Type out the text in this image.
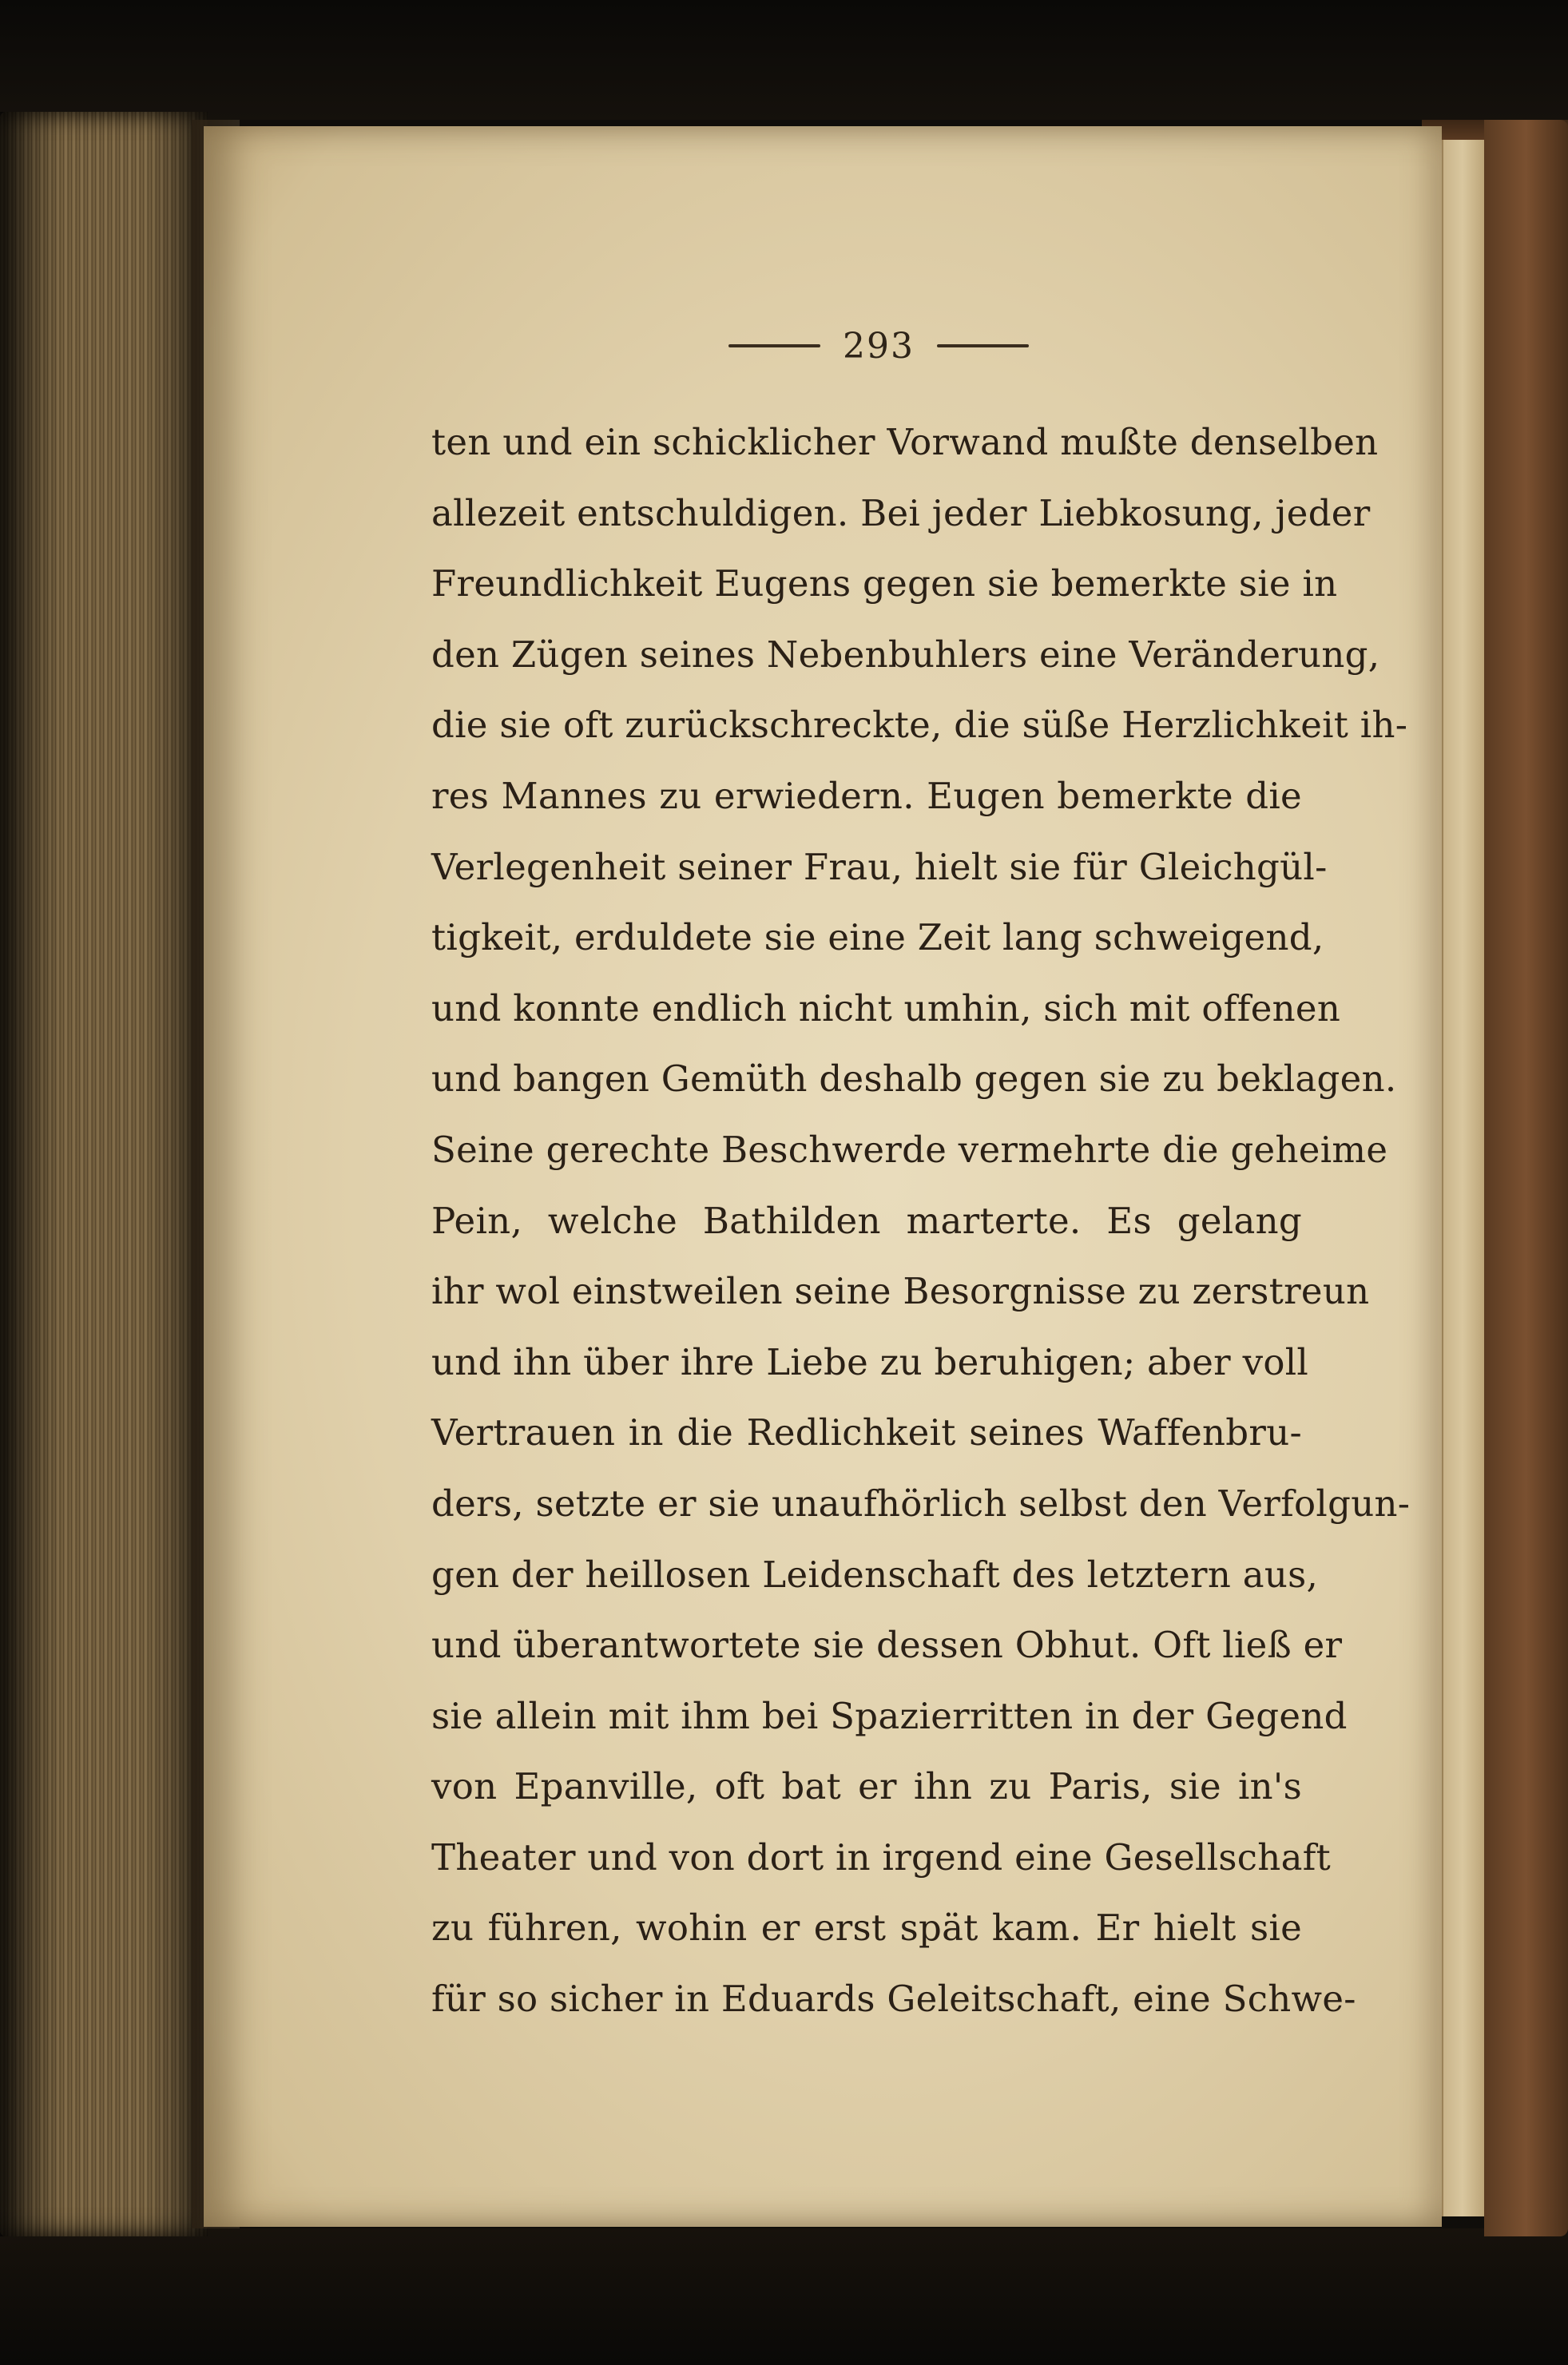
293
ten und ein schicklicher Vorwand mußte denselben
allezeit entschuldigen. Bei jeder Liebkosung, jeder
Freundlichkeit Eugens gegen sie bemerkte sie in
den Zügen seines Nebenbuhlers eine Veränderung,
die sie oft zurückschreckte, die süße Herzlichkeit ih-
res Mannes zu erwiedern. Eugen bemerkte die
Verlegenheit seiner Frau, hielt sie für Gleichgül-
tigkeit, erduldete sie eine Zeit lang schweigend,
und konnte endlich nicht umhin, sich mit offenen
und bangen Gemüth deshalb gegen sie zu beklagen.
Seine gerechte Beschwerde vermehrte die geheime
Pein, welche Bathilden marterte. Es gelang
ihr wol einstweilen seine Besorgnisse zu zerstreun
und ihn über ihre Liebe zu beruhigen; aber voll
Vertrauen in die Redlichkeit seines Waffenbru-
ders, setzte er sie unaufhörlich selbst den Verfolgun-
gen der heillosen Leidenschaft des letztern aus,
und überantwortete sie dessen Obhut. Oft ließ er
sie allein mit ihm bei Spazierritten in der Gegend
von Epanville, oft bat er ihn zu Paris, sie in's
Theater und von dort in irgend eine Gesellschaft
zu führen, wohin er erst spät kam. Er hielt sie
für so sicher in Eduards Geleitschaft, eine Schwe-
